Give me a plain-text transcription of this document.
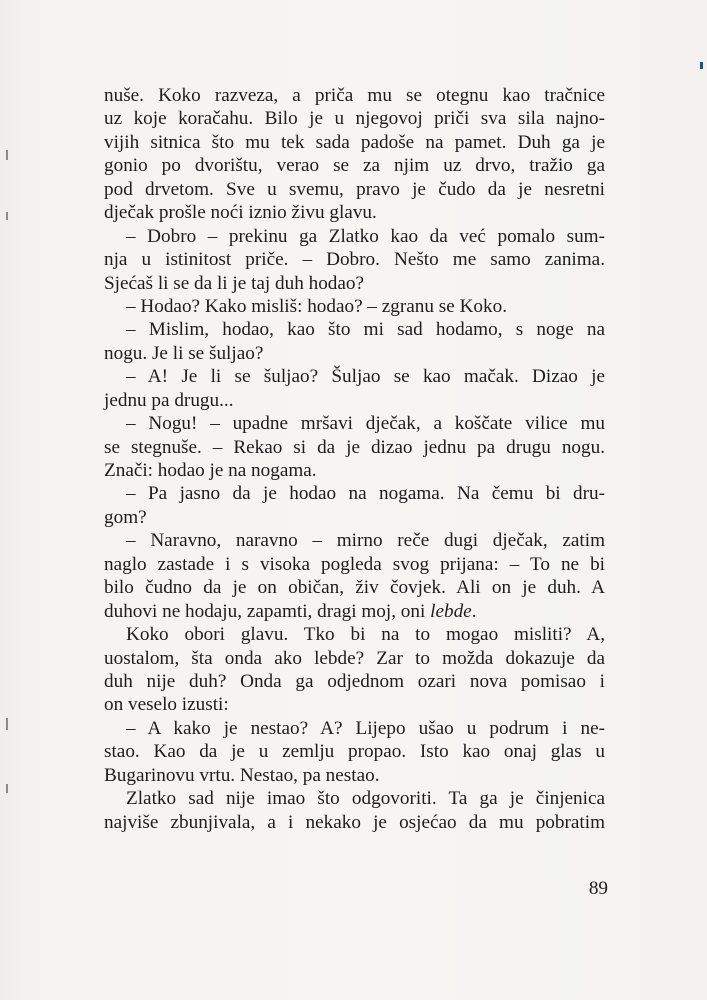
nuše. Koko razveza, a priča mu se otegnu kao tračnice
uz koje koračahu. Bilo je u njegovoj priči sva sila najno-
vijih sitnica što mu tek sada padoše na pamet. Duh ga je
gonio po dvorištu, verao se za njim uz drvo, tražio ga
pod drvetom. Sve u svemu, pravo je čudo da je nesretni
dječak prošle noći iznio živu glavu.
– Dobro – prekinu ga Zlatko kao da već pomalo sum-
nja u istinitost priče. – Dobro. Nešto me samo zanima.
Sjećaš li se da li je taj duh hodao?
– Hodao? Kako misliš: hodao? – zgranu se Koko.
– Mislim, hodao, kao što mi sad hodamo, s noge na
nogu. Je li se šuljao?
– A! Je li se šuljao? Šuljao se kao mačak. Dizao je
jednu pa drugu...
– Nogu! – upadne mršavi dječak, a koščate vilice mu
se stegnuše. – Rekao si da je dizao jednu pa drugu nogu.
Znači: hodao je na nogama.
– Pa jasno da je hodao na nogama. Na čemu bi dru-
gom?
– Naravno, naravno – mirno reče dugi dječak, zatim
naglo zastade i s visoka pogleda svog prijana: – To ne bi
bilo čudno da je on običan, živ čovjek. Ali on je duh. A
duhovi ne hodaju, zapamti, dragi moj, oni lebde.
Koko obori glavu. Tko bi na to mogao misliti? A,
uostalom, šta onda ako lebde? Zar to možda dokazuje da
duh nije duh? Onda ga odjednom ozari nova pomisao i
on veselo izusti:
– A kako je nestao? A? Lijepo ušao u podrum i ne-
stao. Kao da je u zemlju propao. Isto kao onaj glas u
Bugarinovu vrtu. Nestao, pa nestao.
Zlatko sad nije imao što odgovoriti. Ta ga je činjenica
najviše zbunjivala, a i nekako je osjećao da mu pobratim
89
